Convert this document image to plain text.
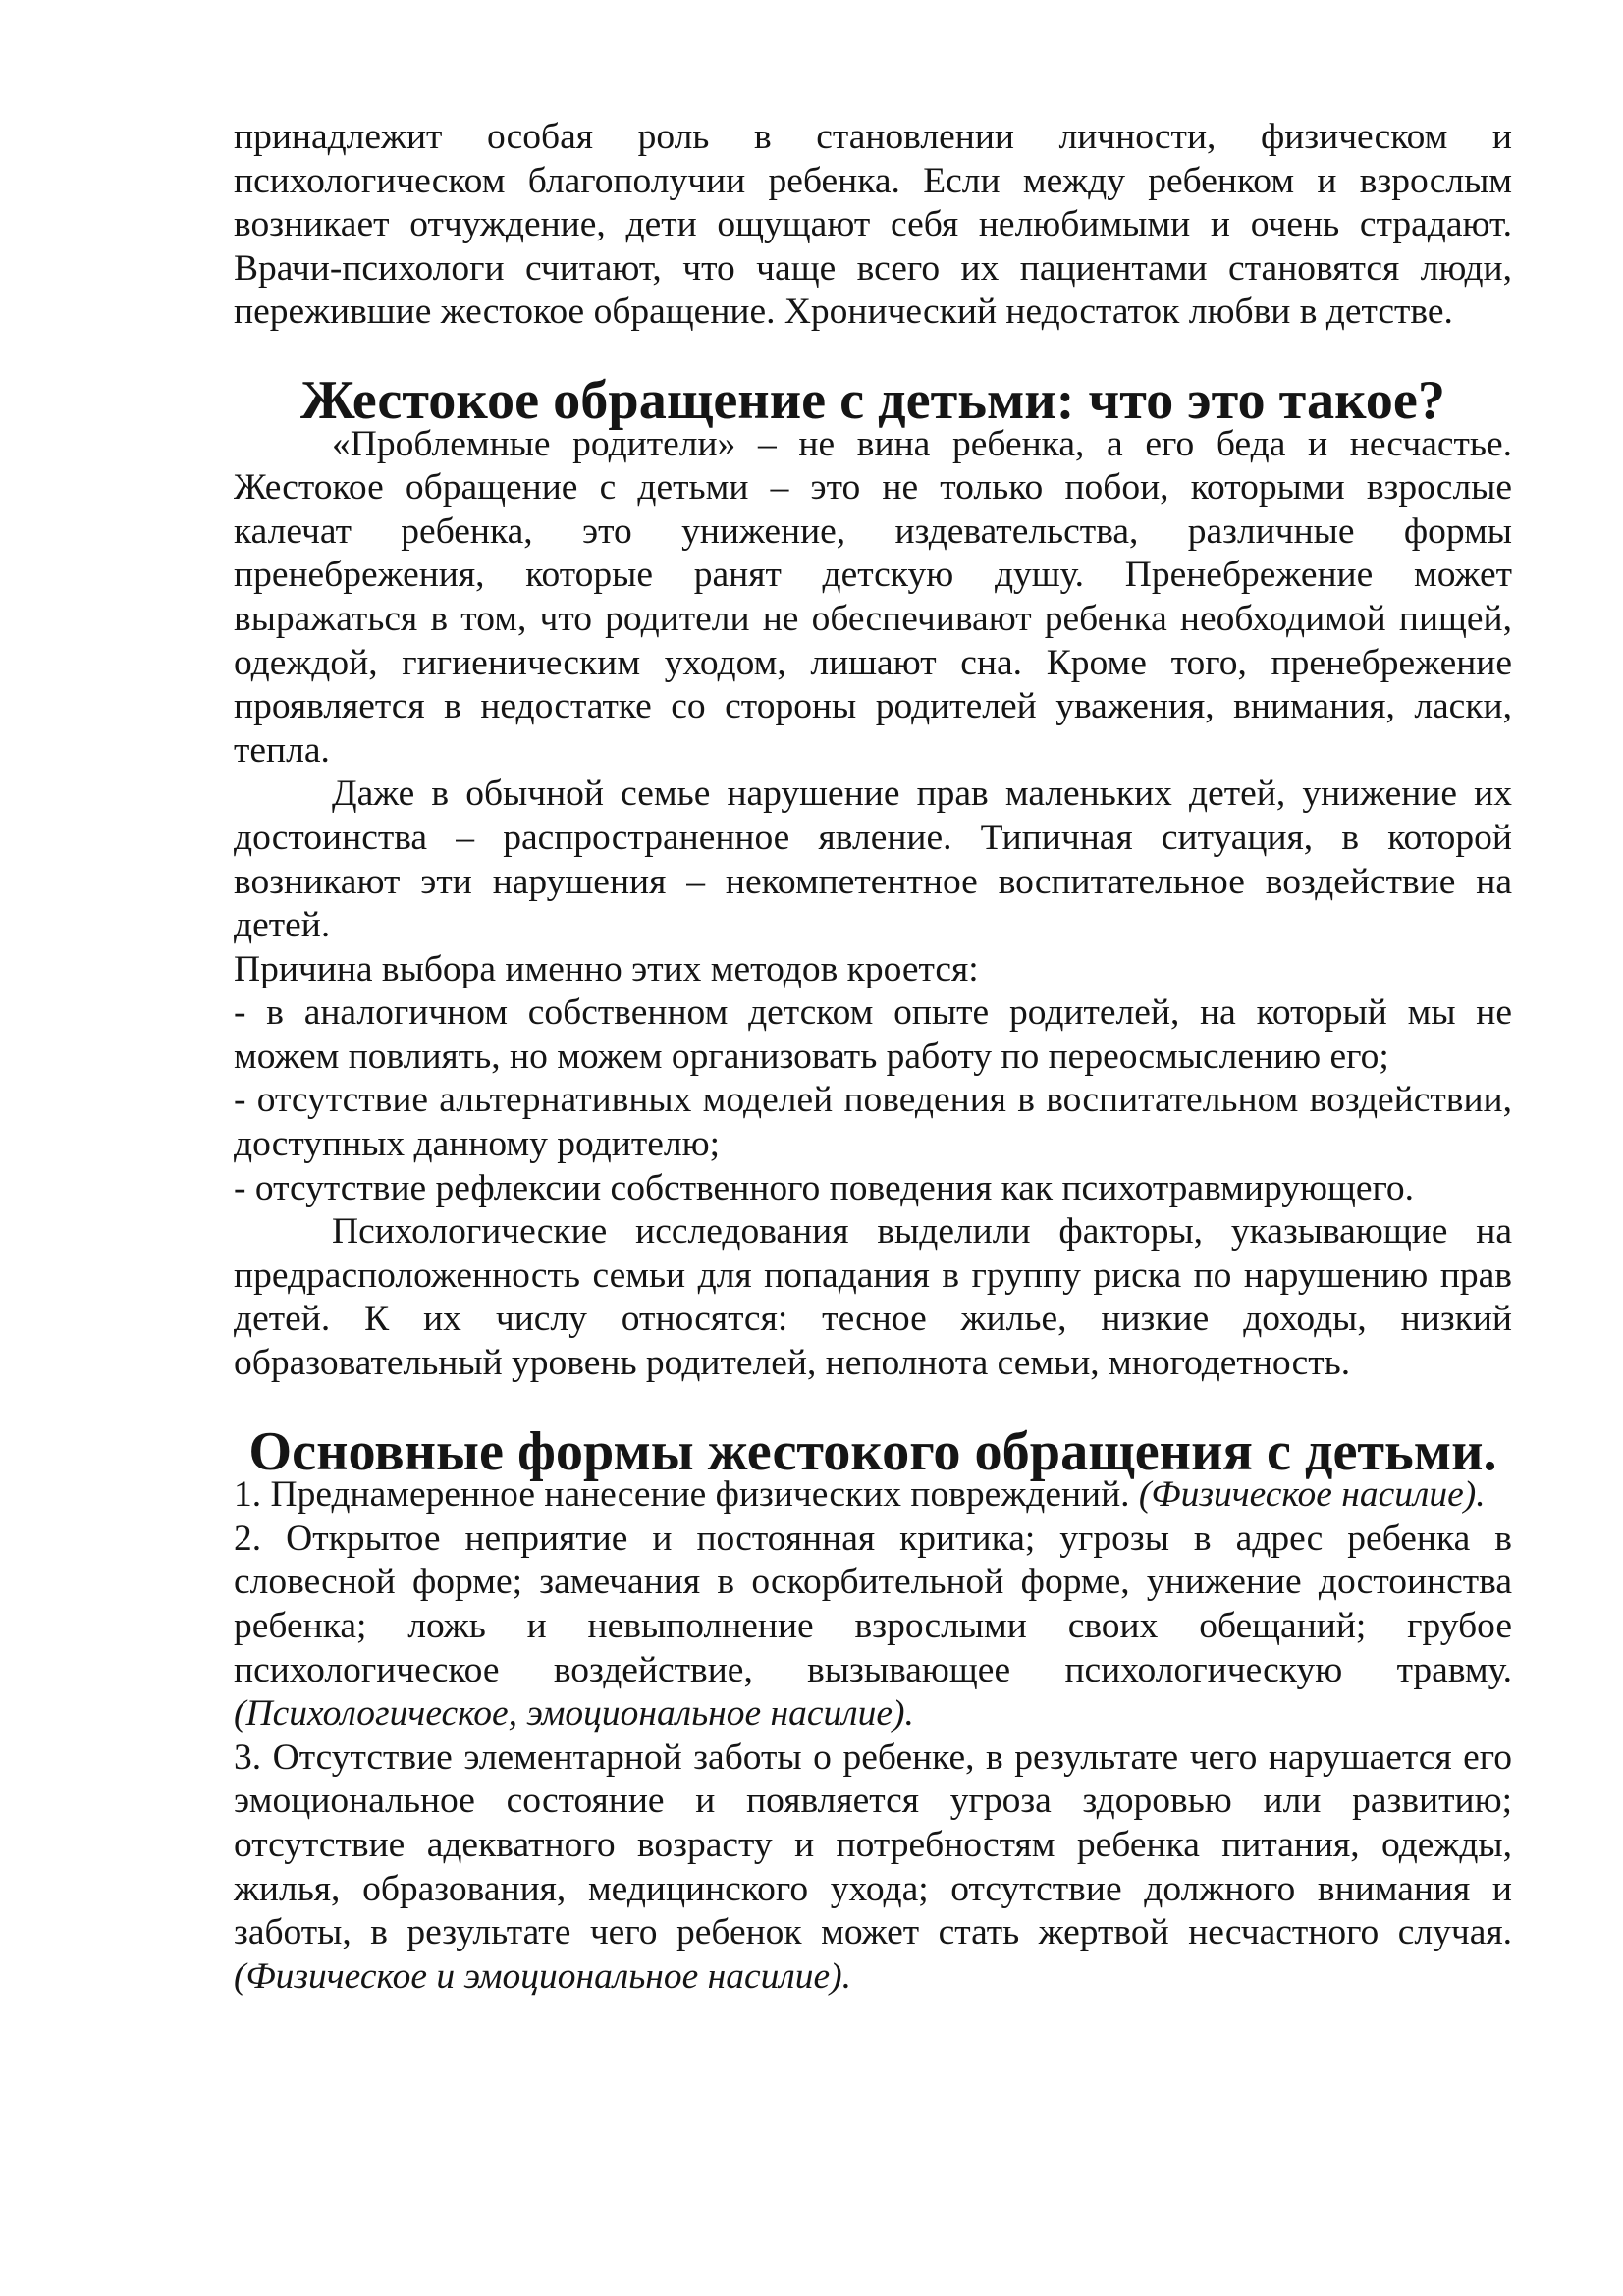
принадлежит особая роль в становлении личности, физическом и психологическом благополучии ребенка. Если между ребенком и взрослым возникает отчуждение, дети ощущают себя нелюбимыми и очень страдают. Врачи-психологи считают, что чаще всего их пациентами становятся люди, пережившие жестокое обращение. Хронический недостаток любви в детстве.

Жестокое обращение с детьми: что это такое?

«Проблемные родители» – не вина ребенка, а его беда и несчастье. Жестокое обращение с детьми – это не только побои, которыми взрослые калечат ребенка, это унижение, издевательства, различные формы пренебрежения, которые ранят детскую душу. Пренебрежение может выражаться в том, что родители не обеспечивают ребенка необходимой пищей, одеждой, гигиеническим уходом, лишают сна. Кроме того, пренебрежение проявляется в недостатке со стороны родителей уважения, внимания, ласки, тепла.

Даже в обычной семье нарушение прав маленьких детей, унижение их достоинства – распространенное явление. Типичная ситуация, в которой возникают эти нарушения – некомпетентное воспитательное воздействие на детей.

Причина выбора именно этих методов кроется:

- в аналогичном собственном детском опыте родителей, на который мы не можем повлиять, но можем организовать работу по переосмыслению его;

- отсутствие альтернативных моделей поведения в воспитательном воздействии, доступных данному родителю;

- отсутствие рефлексии собственного поведения как психотравмирующего.

Психологические исследования выделили факторы, указывающие на предрасположенность семьи для попадания в группу риска по нарушению прав детей. К их числу относятся: тесное жилье, низкие доходы, низкий образовательный уровень родителей, неполнота семьи, многодетность.

Основные формы жестокого обращения с детьми.

1. Преднамеренное нанесение физических повреждений. (Физическое насилие).

2. Открытое неприятие и постоянная критика; угрозы в адрес ребенка в словесной форме; замечания в оскорбительной форме, унижение достоинства ребенка; ложь и невыполнение взрослыми своих обещаний; грубое психологическое воздействие, вызывающее психологическую травму. (Психологическое, эмоциональное насилие).

3. Отсутствие элементарной заботы о ребенке, в результате чего нарушается его эмоциональное состояние и появляется угроза здоровью или развитию; отсутствие адекватного возрасту и потребностям ребенка питания, одежды, жилья, образования, медицинского ухода; отсутствие должного внимания и заботы, в результате чего ребенок может стать жертвой несчастного случая. (Физическое и эмоциональное насилие).
